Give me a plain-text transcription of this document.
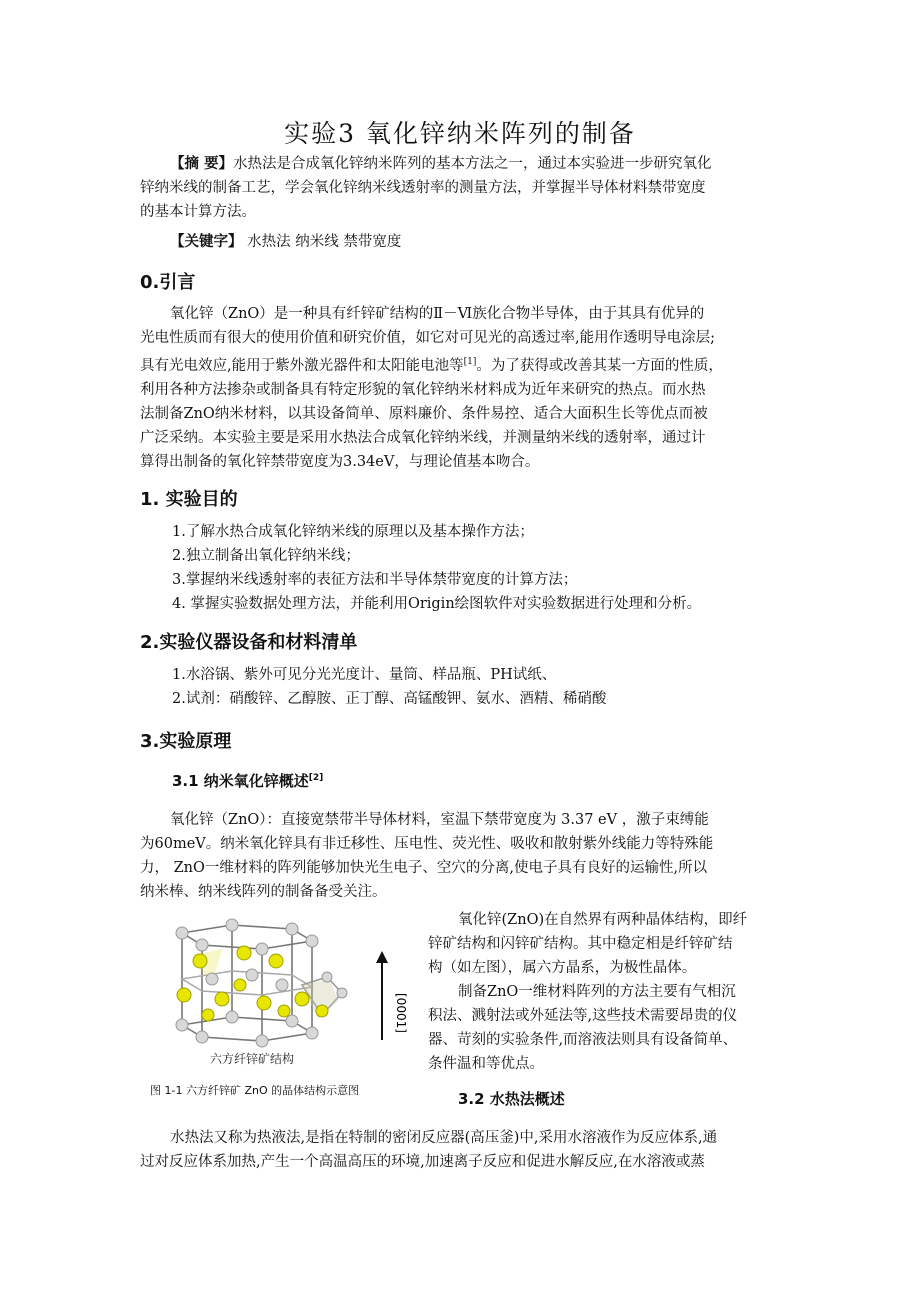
实验3 氧化锌纳米阵列的制备
【摘 要】水热法是合成氧化锌纳米阵列的基本方法之一，通过本实验进一步研究氧化
锌纳米线的制备工艺，学会氧化锌纳米线透射率的测量方法，并掌握半导体材料禁带宽度
的基本计算方法。
【关键字】 水热法 纳米线 禁带宽度
0.引言
氧化锌（ZnO）是一种具有纤锌矿结构的Ⅱ－Ⅵ族化合物半导体，由于其具有优异的
光电性质而有很大的使用价值和研究价值，如它对可见光的高透过率,能用作透明导电涂层;
具有光电效应,能用于紫外激光器件和太阳能电池等[1]。为了获得或改善其某一方面的性质，
利用各种方法掺杂或制备具有特定形貌的氧化锌纳米材料成为近年来研究的热点。而水热
法制备ZnO纳米材料，以其设备简单、原料廉价、条件易控、适合大面积生长等优点而被
广泛采纳。本实验主要是采用水热法合成氧化锌纳米线，并测量纳米线的透射率，通过计
算得出制备的氧化锌禁带宽度为3.34eV，与理论值基本吻合。
1. 实验目的
1.了解水热合成氧化锌纳米线的原理以及基本操作方法；
2.独立制备出氧化锌纳米线；
3.掌握纳米线透射率的表征方法和半导体禁带宽度的计算方法；
4. 掌握实验数据处理方法，并能利用Origin绘图软件对实验数据进行处理和分析。
2.实验仪器设备和材料清单
1.水浴锅、紫外可见分光光度计、量筒、样品瓶、PH试纸、
2.试剂：硝酸锌、乙醇胺、正丁醇、高锰酸钾、氨水、酒精、稀硝酸
3.实验原理
3.1 纳米氧化锌概述[2]
氧化锌（ZnO）：直接宽禁带半导体材料，室温下禁带宽度为 3.37 eV ，激子束缚能
为60meV。纳米氧化锌具有非迁移性、压电性、荧光性、吸收和散射紫外线能力等特殊能
力， ZnO一维材料的阵列能够加快光生电子、空穴的分离,使电子具有良好的运输性,所以
纳米棒、纳米线阵列的制备备受关注。
[0001]
六方纤锌矿结构
图 1-1 六方纤锌矿 ZnO 的晶体结构示意图
氧化锌(ZnO)在自然界有两种晶体结构，即纤
锌矿结构和闪锌矿结构。其中稳定相是纤锌矿结
构（如左图），属六方晶系，为极性晶体。
制备ZnO一维材料阵列的方法主要有气相沉
积法、溅射法或外延法等,这些技术需要昂贵的仪
器、苛刻的实验条件,而溶液法则具有设备简单、
条件温和等优点。
3.2 水热法概述
水热法又称为热液法,是指在特制的密闭反应器(高压釜)中,采用水溶液作为反应体系,通
过对反应体系加热,产生一个高温高压的环境,加速离子反应和促进水解反应,在水溶液或蒸
